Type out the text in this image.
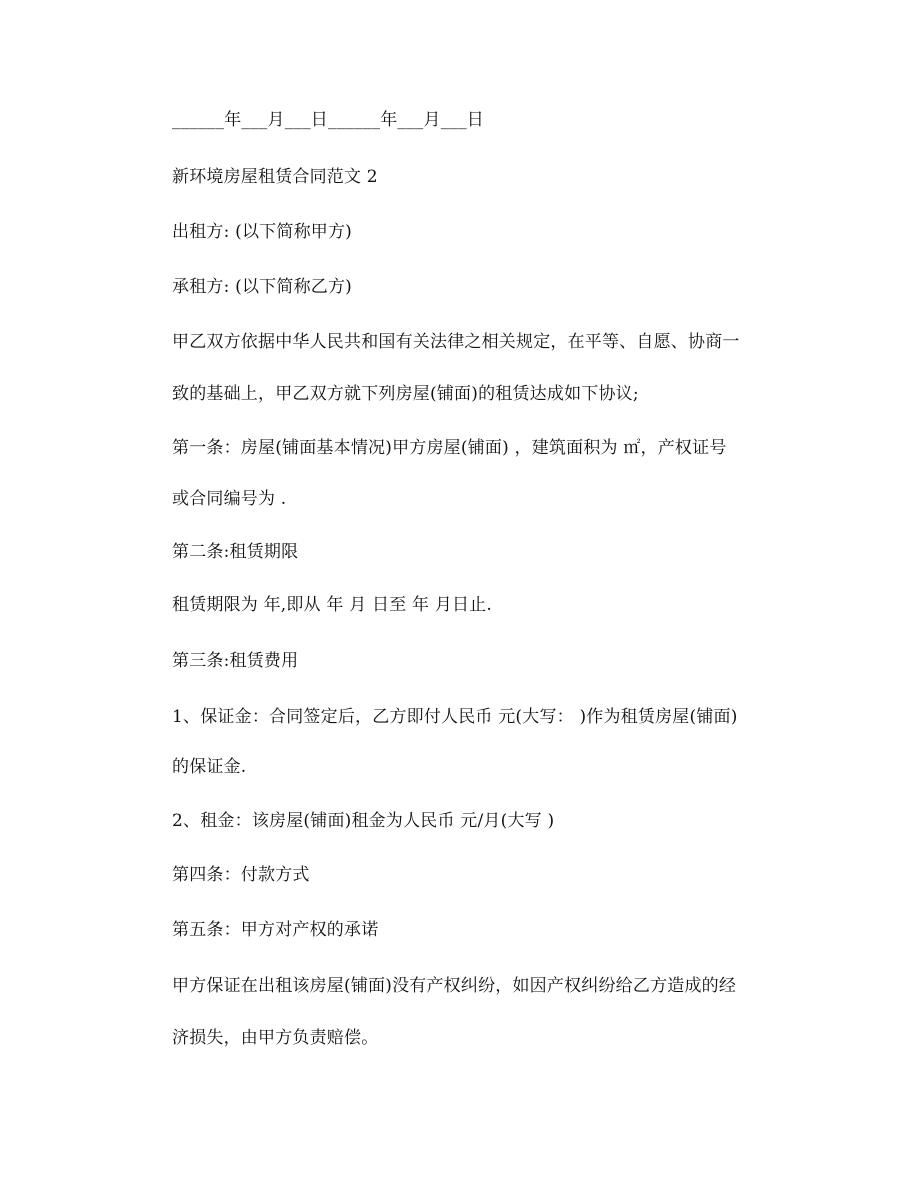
______年___月___日______年___月___日
新环境房屋租赁合同范文 2
出租方: (以下简称甲方)
承租方: (以下简称乙方)
甲乙双方依据中华人民共和国有关法律之相关规定，在平等、自愿、协商一
致的基础上，甲乙双方就下列房屋(铺面)的租赁达成如下协议;
第一条：房屋(铺面基本情况)甲方房屋(铺面) ，建筑面积为 ㎡，产权证号
或合同编号为 .
第二条:租赁期限
租赁期限为 年,即从 年 月 日至 年 月日止.
第三条:租赁费用
1、保证金：合同签定后，乙方即付人民币 元(大写： )作为租赁房屋(铺面)
的保证金.
2、租金：该房屋(铺面)租金为人民币 元/月(大写 )
第四条：付款方式
第五条：甲方对产权的承诺
甲方保证在出租该房屋(铺面)没有产权纠纷，如因产权纠纷给乙方造成的经
济损失，由甲方负责赔偿。
